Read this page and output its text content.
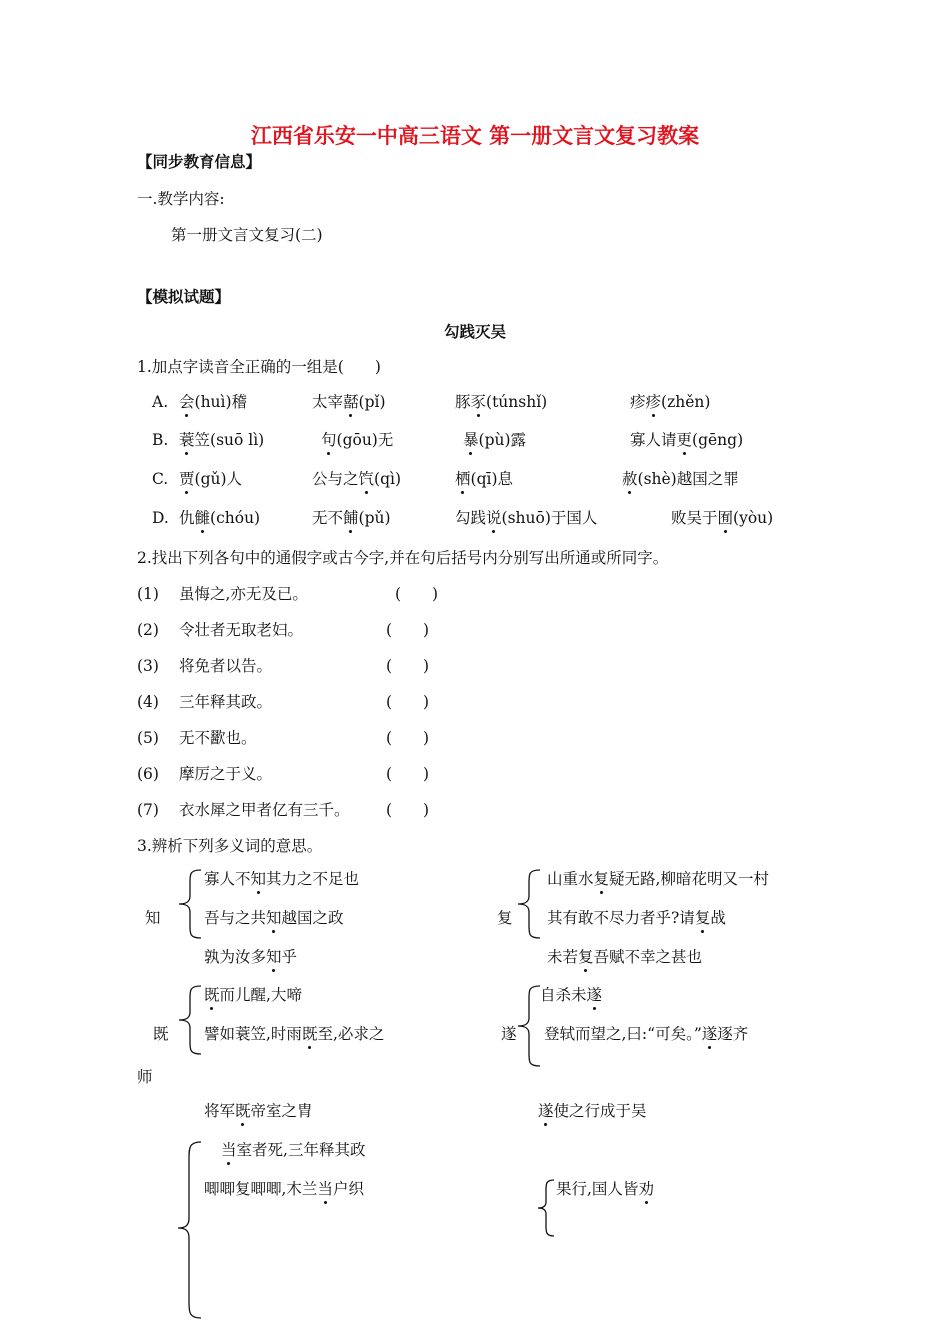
江西省乐安一中高三语文 第一册文言文复习教案
【同步教育信息】
一.教学内容:
第一册文言文复习(二)
【模拟试题】
勾践灭吴
1.加点字读音全正确的一组是(　　)
A. 会(huì)稽	太宰嚭(pǐ)	豚豕(túnshǐ)	疹疹(zhěn)
B. 蓑笠(suō lì)	句(gōu)无	暴(pù)露	寡人请更(gēng)
C. 贾(gǔ)人	公与之饩(qì)	栖(qī)息	赦(shè)越国之罪
D. 仇雠(chóu)	无不餔(pǔ)	勾践说(shuō)于国人	败吴于囿(yòu)
2.找出下列各句中的通假字或古今字,并在句后括号内分别写出所通或所同字。
(1) 虽悔之,亦无及已。	(　　)
(2) 令壮者无取老妇。	(　　)
(3) 将免者以告。	(　　)
(4) 三年释其政。	(　　)
(5) 无不歠也。	(　　)
(6) 摩厉之于义。	(　　)
(7) 衣水犀之甲者亿有三千。 (　　)
3.辨析下列多义词的意思。
知
寡人不知其力之不足也
吾与之共知越国之政
孰为汝多知乎
复
山重水复疑无路,柳暗花明又一村
其有敢不尽力者乎?请复战
未若复吾赋不幸之甚也
既
既而儿醒,大啼
譬如蓑笠,时雨既至,必求之
师
将军既帝室之胄
遂
自杀未遂
登轼而望之,曰:“可矣。”遂逐齐
遂使之行成于吴
当室者死,三年释其政
唧唧复唧唧,木兰当户织	果行,国人皆劝
